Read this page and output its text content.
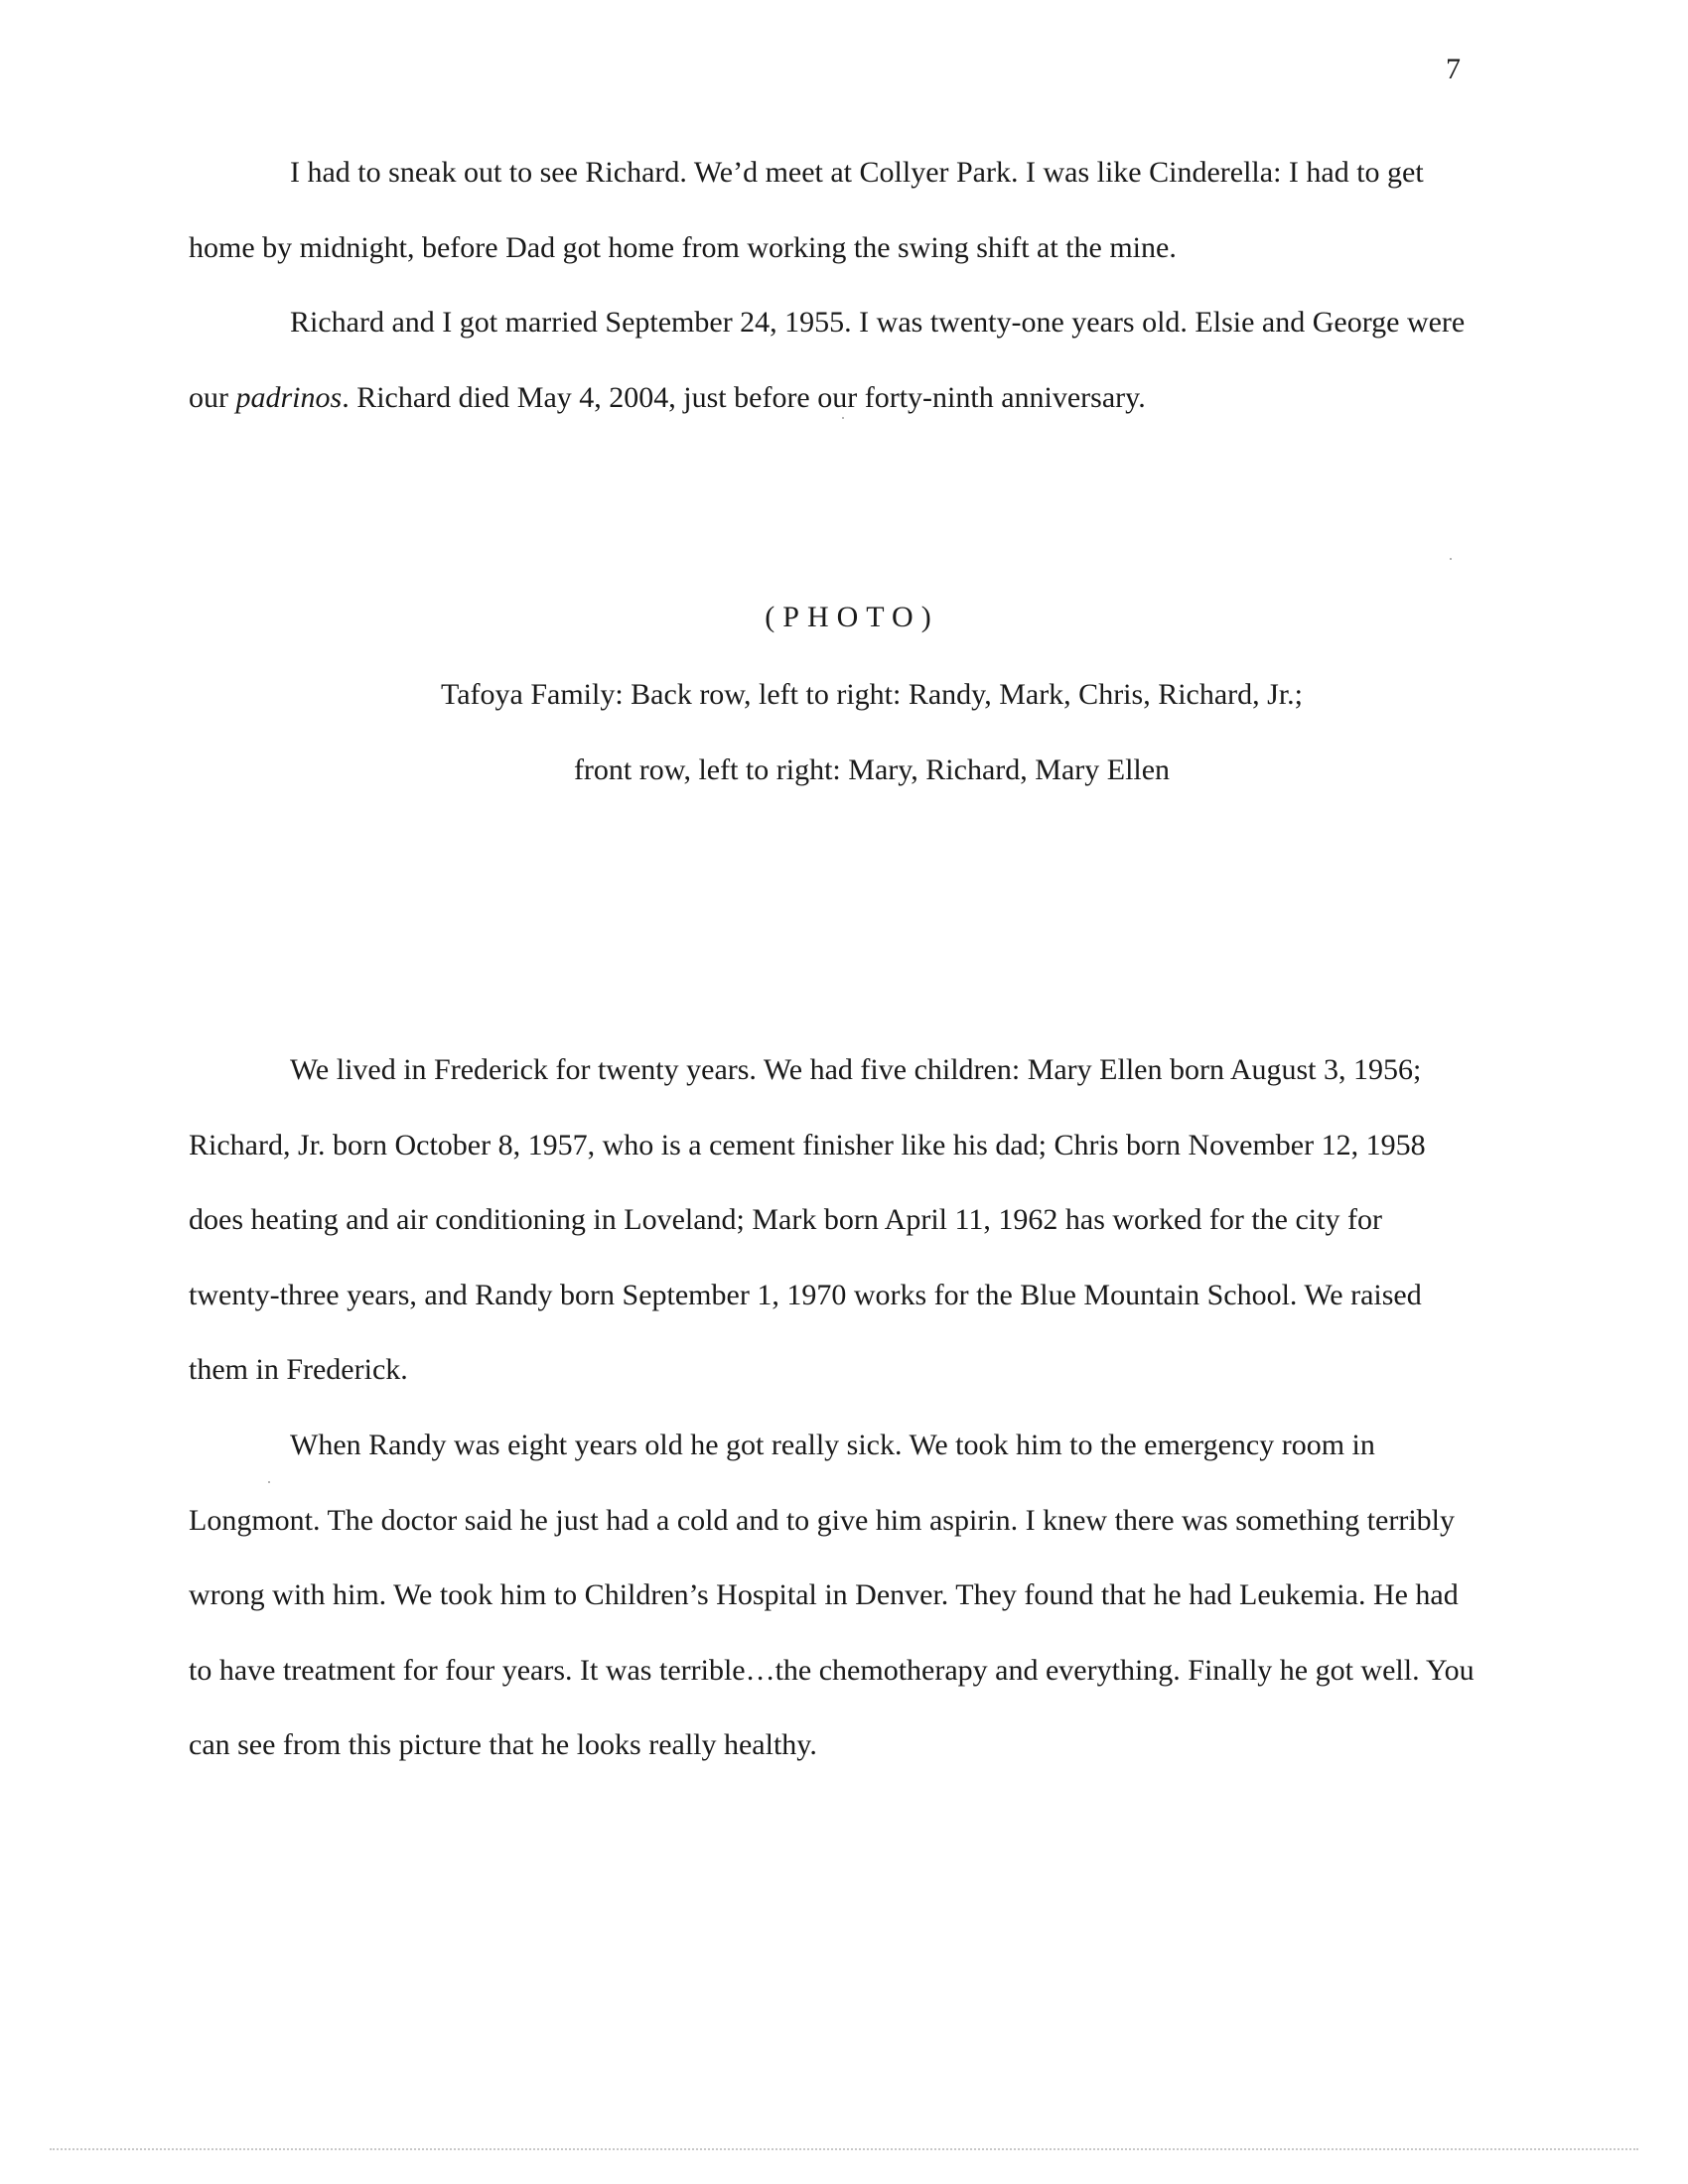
7

I had to sneak out to see Richard. We’d meet at Collyer Park. I was like Cinderella: I had to get home by midnight, before Dad got home from working the swing shift at the mine.

Richard and I got married September 24, 1955. I was twenty-one years old. Elsie and George were our padrinos. Richard died May 4, 2004, just before our forty-ninth anniversary.

(PHOTO)
Tafoya Family: Back row, left to right: Randy, Mark, Chris, Richard, Jr.;
front row, left to right: Mary, Richard, Mary Ellen

We lived in Frederick for twenty years. We had five children: Mary Ellen born August 3, 1956; Richard, Jr. born October 8, 1957, who is a cement finisher like his dad; Chris born November 12, 1958 does heating and air conditioning in Loveland; Mark born April 11, 1962 has worked for the city for twenty-three years, and Randy born September 1, 1970 works for the Blue Mountain School. We raised them in Frederick.

When Randy was eight years old he got really sick. We took him to the emergency room in Longmont. The doctor said he just had a cold and to give him aspirin. I knew there was something terribly wrong with him. We took him to Children’s Hospital in Denver. They found that he had Leukemia. He had to have treatment for four years. It was terrible…the chemotherapy and everything. Finally he got well. You can see from this picture that he looks really healthy.
